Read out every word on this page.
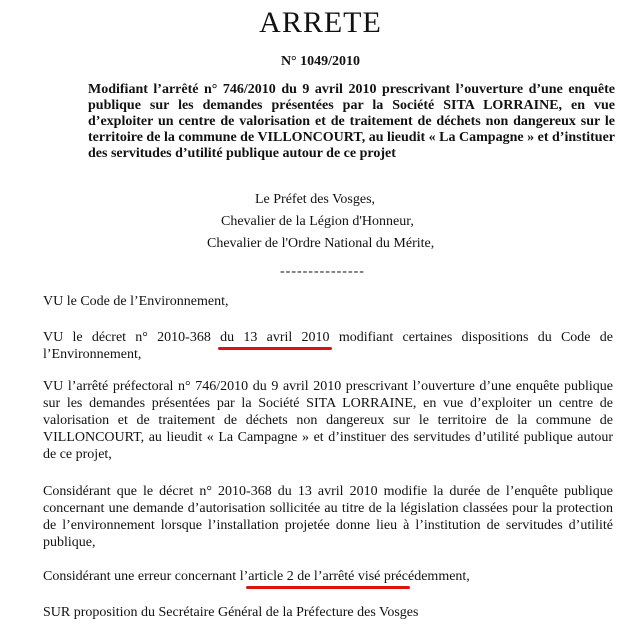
ARRETE
N° 1049/2010
Modifiant l’arrêté n° 746/2010 du 9 avril 2010 prescrivant l’ouverture d’une enquête publique sur les demandes présentées par la Société SITA LORRAINE, en vue d’exploiter un centre de valorisation et de traitement de déchets non dangereux sur le territoire de la commune de VILLONCOURT, au lieudit « La Campagne » et d’instituer des servitudes d’utilité publique autour de ce projet
Le Préfet des Vosges,
Chevalier de la Légion d'Honneur,
Chevalier de l'Ordre National du Mérite,
---------------
VU le Code de l’Environnement,
VU le décret n° 2010-368 du 13 avril 2010 modifiant certaines dispositions du Code de l’Environnement,
VU l’arrêté préfectoral n° 746/2010 du 9 avril 2010 prescrivant l’ouverture d’une enquête publique sur les demandes présentées par la Société SITA LORRAINE, en vue d’exploiter un centre de valorisation et de traitement de déchets non dangereux sur le territoire de la commune de VILLONCOURT, au lieudit « La Campagne » et d’instituer des servitudes d’utilité publique autour de ce projet,
Considérant que le décret n° 2010-368 du 13 avril 2010 modifie la durée de l’enquête publique concernant une demande d’autorisation sollicitée au titre de la législation classées pour la protection de l’environnement lorsque l’installation projetée donne lieu à l’institution de servitudes d’utilité publique,
Considérant une erreur concernant l’article 2 de l’arrêté visé précédemment,
SUR proposition du Secrétaire Général de la Préfecture des Vosges
